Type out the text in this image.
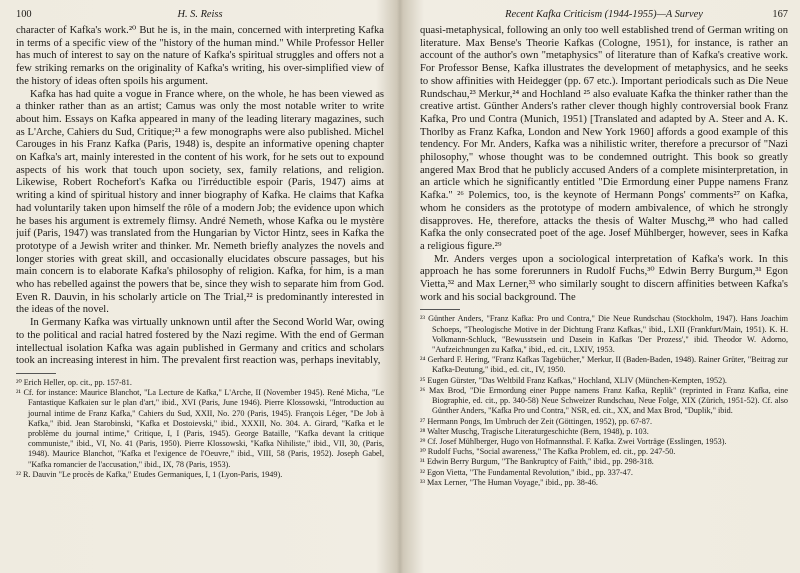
100	H. S. Reiss

character of Kafka's work.²⁰ But he is, in the main, concerned with interpreting Kafka in terms of a specific view of the "history of the human mind." While Professor Heller has much of interest to say on the nature of Kafka's spiritual struggles and offers not a few striking remarks on the originality of Kafka's writing, his over-simplified view of the history of ideas often spoils his argument.

Kafka has had quite a vogue in France where, on the whole, he has been viewed as a thinker rather than as an artist; Camus was only the most notable writer to write about him. Essays on Kafka appeared in many of the leading literary magazines, such as L'Arche, Cahiers du Sud, Critique;²¹ a few monographs were also published. Michel Carouges in his Franz Kafka (Paris, 1948) is, despite an informative opening chapter on Kafka's art, mainly interested in the content of his work, for he sets out to expound aspects of his work that touch upon society, sex, family relations, and religion. Likewise, Robert Rochefort's Kafka ou l'irréductible espoir (Paris, 1947) aims at writing a kind of spiritual history and inner biography of Kafka. He claims that Kafka had voluntarily taken upon himself the rôle of a modern Job; the evidence upon which he bases his argument is extremely flimsy. André Nemeth, whose Kafka ou le mystère juif (Paris, 1947) was translated from the Hungarian by Victor Hintz, sees in Kafka the prototype of a Jewish writer and thinker. Mr. Nemeth briefly analyzes the novels and longer stories with great skill, and occasionally elucidates obscure passages, but his main concern is to elaborate Kafka's philosophy of religion. Kafka, for him, is a man who has rebelled against the powers that be, since they wish to separate him from God. Even R. Dauvin, in his scholarly article on The Trial,²² is predominantly interested in the ideas of the novel.

In Germany Kafka was virtually unknown until after the Second World War, owing to the political and racial hatred fostered by the Nazi regime. With the end of German intellectual isolation Kafka was again published in Germany and critics and scholars took an increasing interest in him. The prevalent first reaction was, perhaps inevitably,

²⁰ Erich Heller, op. cit., pp. 157-81.

²¹ Cf. for instance: Maurice Blanchot, "La Lecture de Kafka," L'Arche, II (November 1945). René Michа, "Le Fantastique Kafkaien sur le plan d'art," ibid., XVI (Paris, June 1946). Pierre Klossowski, "Introduction au journal intime de Franz Kafka," Cahiers du Sud, XXII, No. 270 (Paris, 1945). François Léger, "De Job à Kafka," ibid. Jean Starobinski, "Kafka et Dostoievski," ibid., XXXII, No. 304. A. Girard, "Kafka et le problème du journal intime," Critique, I, I (Paris, 1945). George Bataille, "Kafka devant la critique communiste," ibid., VI, No. 41 (Paris, 1950). Pierre Klossowski, "Kafka Nihiliste," ibid., VII, 30, (Paris, 1948). Maurice Blanchot, "Kafka et l'exigence de l'Oeuvre," ibid., VIII, 58 (Paris, 1952). Joseph Gabel, "Kafka romancier de l'accusation," ibid., IX, 78 (Paris, 1953).

²² R. Dauvin "Le procès de Kafka," Etudes Germaniques, I, 1 (Lyon-Paris, 1949).

Recent Kafka Criticism (1944-1955)—A Survey	167

quasi-metaphysical, following an only too well established trend of German writing on literature. Max Bense's Theorie Kafkas (Cologne, 1951), for instance, is rather an account of the author's own "metaphysics" of literature than of Kafka's creative work. For Professor Bense, Kafka illustrates the development of metaphysics, and he seeks to show affinities with Heidegger (pp. 67 etc.). Important periodicals such as Die Neue Rundschau,²³ Merkur,²⁴ and Hochland ²⁵ also evaluate Kafka the thinker rather than the creative artist. Günther Anders's rather clever though highly controversial book Franz Kafka, Pro und Contra (Munich, 1951) [Translated and adapted by A. Steer and A. K. Thorlby as Franz Kafka, London and New York 1960] affords a good example of this tendency. For Mr. Anders, Kafka was a nihilistic writer, therefore a precursor of "Nazi philosophy," whose thought was to be condemned outright. This book so greatly angered Max Brod that he publicly accused Anders of a complete misinterpretation, in an article which he significantly entitled "Die Ermordung einer Puppe namens Franz Kafka." ²⁶ Polemics, too, is the keynote of Hermann Pongs' comments²⁷ on Kafka, whom he considers as the prototype of modern ambivalence, of which he strongly disapproves. He, therefore, attacks the thesis of Walter Muschg,²⁸ who had called Kafka the only consecrated poet of the age. Josef Mühlberger, however, sees in Kafka a religious figure.²⁹

Mr. Anders verges upon a sociological interpretation of Kafka's work. In this approach he has some forerunners in Rudolf Fuchs,³⁰ Edwin Berry Burgum,³¹ Egon Vietta,³² and Max Lerner,³³ who similarly sought to discern affinities between Kafka's work and his social background. The

²³ Günther Anders, "Franz Kafka: Pro und Contra," Die Neue Rundschau (Stockholm, 1947). Hans Joachim Schoeps, "Theologische Motive in der Dichtung Franz Kafkas," ibid., LXII (Frankfurt/Main, 1951). K. H. Volkmann-Schluck, "Bewusstsein und Dasein in Kafkas 'Der Prozess'," ibid. Theodor W. Adorno, "Aufzeichnungen zu Kafka," ibid., ed. cit., LXIV, 1953.

²⁴ Gerhard F. Hering, "Franz Kafkas Tagebücher," Merkur, II (Baden-Baden, 1948). Rainer Grüter, "Beitrag zur Kafka-Deutung," ibid., ed. cit., IV, 1950.

²⁵ Eugen Gürster, "Das Weltbild Franz Kafkas," Hochland, XLIV (München-Kempten, 1952).

²⁶ Max Brod, "Die Ermordung einer Puppe namens Franz Kafka, Replik" (reprinted in Franz Kafka, eine Biographie, ed. cit., pp. 340-58) Neue Schweizer Rundschau, Neue Folge, XIX (Zürich, 1951-52). Cf. also Günther Anders, "Kafka Pro und Contra," NSR, ed. cit., XX, and Max Brod, "Duplik," ibid.

²⁷ Hermann Pongs, Im Umbruch der Zeit (Göttingen, 1952), pp. 67-87.

²⁸ Walter Muschg, Tragische Literaturgeschichte (Bern, 1948), p. 103.

²⁹ Cf. Josef Mühlberger, Hugo von Hofmannsthal. F. Kafka. Zwei Vorträge (Esslingen, 1953).

³⁰ Rudolf Fuchs, "Social awareness," The Kafka Problem, ed. cit., pp. 247-50.

³¹ Edwin Berry Burgum, "The Bankruptcy of Faith," ibid., pp. 298-318.

³² Egon Vietta, "The Fundamental Revolution," ibid., pp. 337-47.

³³ Max Lerner, "The Human Voyage," ibid., pp. 38-46.
